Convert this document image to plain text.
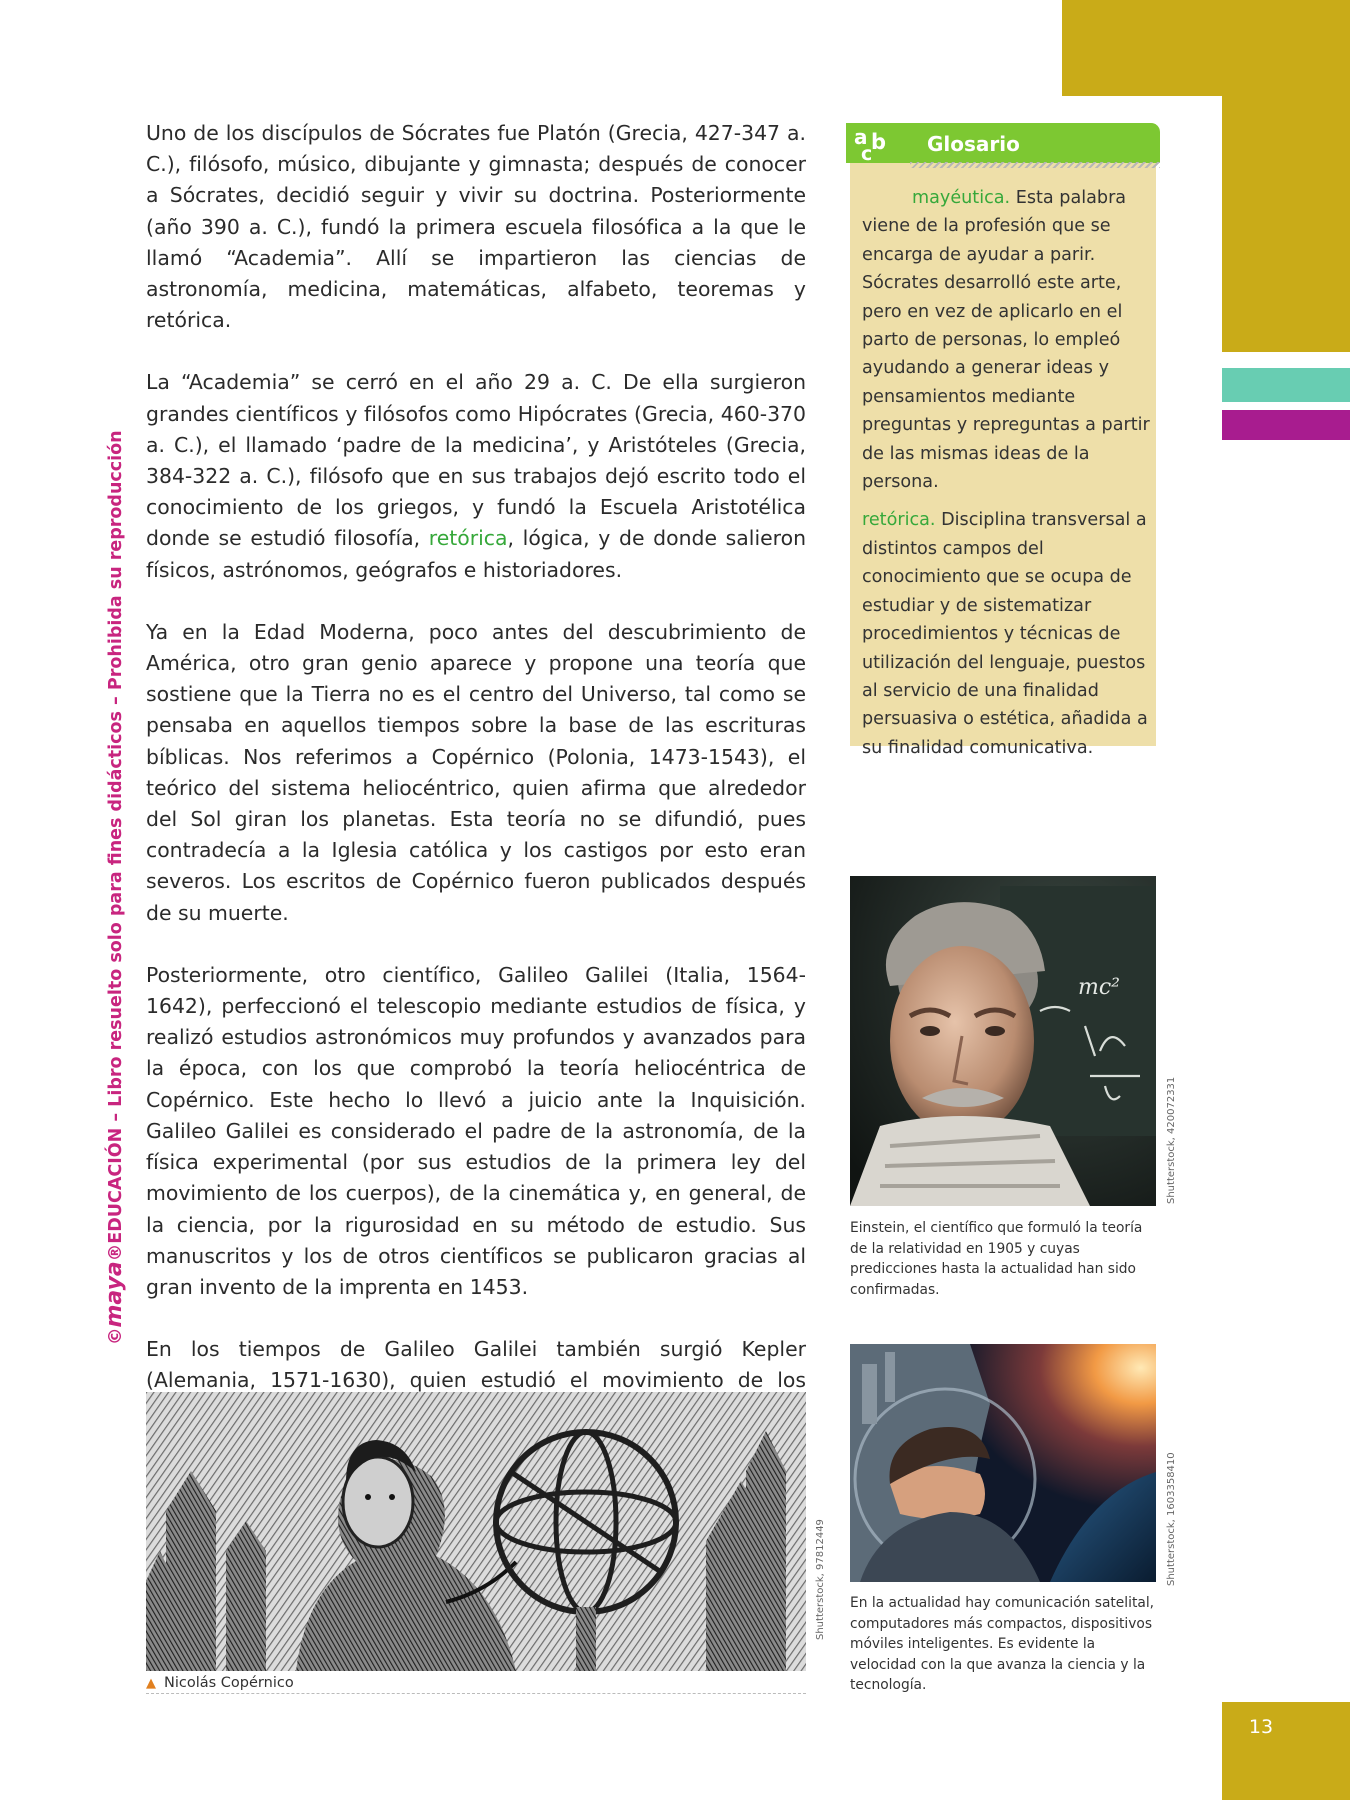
13
©maya®EDUCACIÓN – Libro resuelto solo para fines didácticos – Prohibida su reproducción

Uno de los discípulos de Sócrates fue Platón (Grecia, 427-347 a. C.), filósofo, músico, dibujante y gimnasta; después de conocer a Sócrates, decidió seguir y vivir su doctrina. Posteriormente (año 390 a. C.), fundó la primera escuela filosófica a la que le llamó “Academia”. Allí se impartieron las ciencias de astronomía, medicina, matemáticas, alfabeto, teoremas y retórica.

La “Academia” se cerró en el año 29 a. C. De ella surgieron grandes científicos y filósofos como Hipócrates (Grecia, 460-370 a. C.), el llamado ‘padre de la medicina’, y Aristóteles (Grecia, 384-322 a. C.), filósofo que en sus trabajos dejó escrito todo el conocimiento de los griegos, y fundó la Escuela Aristotélica donde se estudió filosofía, retórica, lógica, y de donde salieron físicos, astrónomos, geógrafos e historiadores.

Ya en la Edad Moderna, poco antes del descubrimiento de América, otro gran genio aparece y propone una teoría que sostiene que la Tierra no es el centro del Universo, tal como se pensaba en aquellos tiempos sobre la base de las escrituras bíblicas. Nos referimos a Copérnico (Polonia, 1473-1543), el teórico del sistema heliocéntrico, quien afirma que alrededor del Sol giran los planetas. Esta teoría no se difundió, pues contradecía a la Iglesia católica y los castigos por esto eran severos. Los escritos de Copérnico fueron publicados después de su muerte.

Posteriormente, otro científico, Galileo Galilei (Italia, 1564-1642), perfeccionó el telescopio mediante estudios de física, y realizó estudios astronómicos muy profundos y avanzados para la época, con los que comprobó la teoría heliocéntrica de Copérnico. Este hecho lo llevó a juicio ante la Inquisición. Galileo Galilei es considerado el padre de la astronomía, de la física experimental (por sus estudios de la primera ley del movimiento de los cuerpos), de la cinemática y, en general, de la ciencia, por la rigurosidad en su método de estudio. Sus manuscritos y los de otros científicos se publicaron gracias al gran invento de la imprenta en 1453.

En los tiempos de Galileo Galilei también surgió Kepler (Alemania, 1571-1630), quien estudió el movimiento de los

a b
c	Glosario

mayéutica. Esta palabra viene de la profesión que se encarga de ayudar a parir. Sócrates desarrolló este arte, pero en vez de aplicarlo en el parto de personas, lo empleó ayudando a generar ideas y pensamientos mediante preguntas y repreguntas a partir de las mismas ideas de la persona.

retórica. Disciplina transversal a distintos campos del conocimiento que se ocupa de estudiar y de sistematizar procedimientos y técnicas de utilización del lenguaje, puestos al servicio de una finalidad persuasiva o estética, añadida a su finalidad comunicativa.

mc²
Shutterstock, 420072331
Einstein, el científico que formuló la teoría de la relatividad en 1905 y cuyas predicciones hasta la actualidad han sido confirmadas.
Shutterstock, 1603358410
En la actualidad hay comunicación satelital, computadores más compactos, dispositivos móviles inteligentes. Es evidente la velocidad con la que avanza la ciencia y la tecnología.
Shutterstock, 97812449
▲ Nicolás Copérnico
